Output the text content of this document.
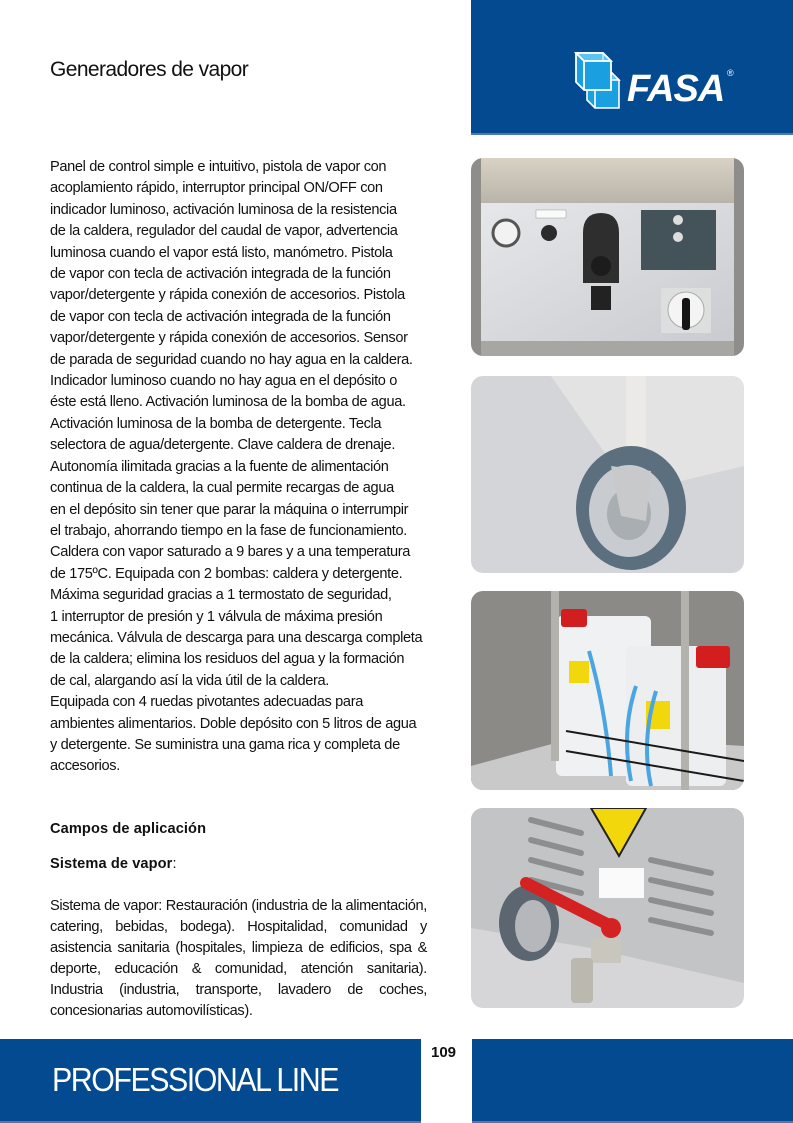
Generadores de vapor	FASA ®

Panel de control simple e intuitivo, pistola de vapor con

acoplamiento rápido, interruptor principal ON/OFF con

indicador luminoso, activación luminosa de la resistencia

de la caldera, regulador del caudal de vapor, advertencia

luminosa cuando el vapor está listo, manómetro. Pistola

de vapor con tecla de activación integrada de la función

vapor/detergente y rápida conexión de accesorios. Pistola

de vapor con tecla de activación integrada de la función

vapor/detergente y rápida conexión de accesorios. Sensor

de parada de seguridad cuando no hay agua en la caldera.

Indicador luminoso cuando no hay agua en el depósito o

éste está lleno. Activación luminosa de la bomba de agua.

Activación luminosa de la bomba de detergente. Tecla

selectora de agua/detergente. Clave caldera de drenaje.

Autonomía ilimitada gracias a la fuente de alimentación

continua de la caldera, la cual permite recargas de agua

en el depósito sin tener que parar la máquina o interrumpir

el trabajo, ahorrando tiempo en la fase de funcionamiento.

Caldera con vapor saturado a 9 bares y a una temperatura

de 175ºC. Equipada con 2 bombas: caldera y detergente.

Máxima seguridad gracias a 1 termostato de seguridad,

1 interruptor de presión y 1 válvula de máxima presión

mecánica. Válvula de descarga para una descarga completa

de la caldera; elimina los residuos del agua y la formación

de cal, alargando así la vida útil de la caldera.

Equipada con 4 ruedas pivotantes adecuadas para

ambientes alimentarios. Doble depósito con 5 litros de agua

y detergente. Se suministra una gama rica y completa de

accesorios.

Campos de aplicación
Sistema de vapor:
Sistema de vapor: Restauración (industria de la alimentación, catering, bebidas, bodega). Hospitalidad, comunidad y asistencia sanitaria (hospitales, limpieza de edificios, spa & deporte, educación & comunidad, atención sanitaria). Industria (industria, transporte, lavadero de coches, concesionarias automovilísticas).
PROFESSIONAL LINE
109
